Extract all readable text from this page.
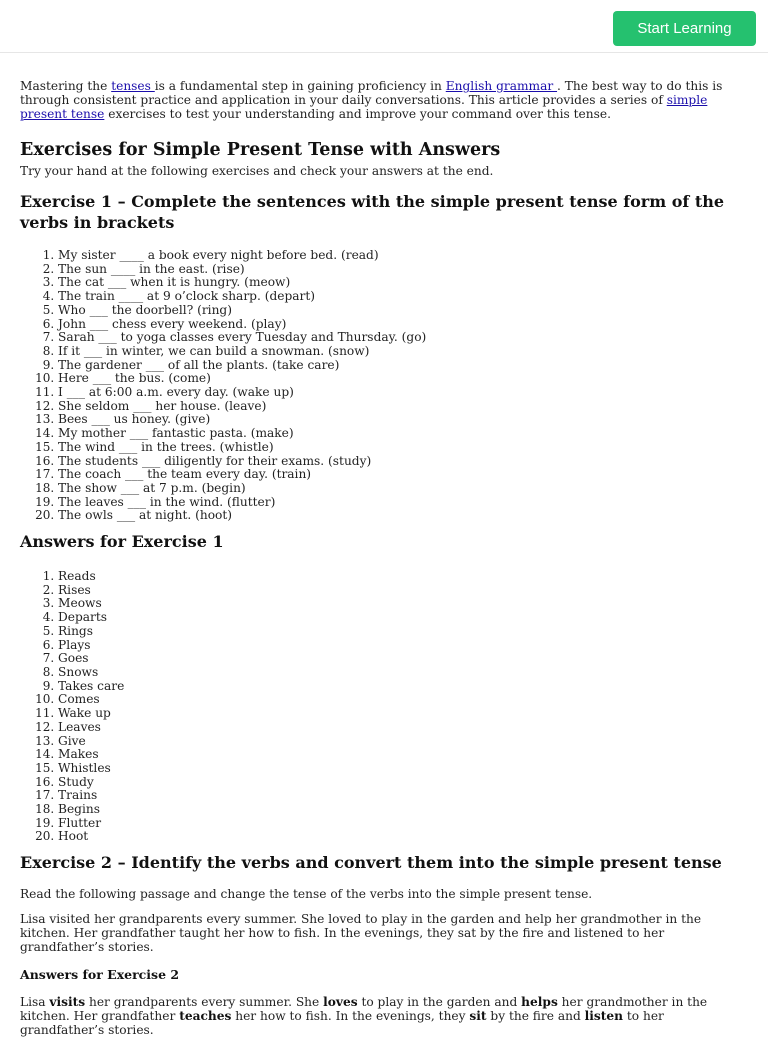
Start Learning

Mastering the tenses is a fundamental step in gaining proficiency in English grammar . The best way to do this is through consistent practice and application in your daily conversations. This article provides a series of simple present tense exercises to test your understanding and improve your command over this tense.

Exercises for Simple Present Tense with Answers

Try your hand at the following exercises and check your answers at the end.

Exercise 1 – Complete the sentences with the simple present tense form of the verbs in brackets
1. My sister ____ a book every night before bed. (read)
2. The sun ____ in the east. (rise)
3. The cat ___ when it is hungry. (meow)
4. The train ____ at 9 o’clock sharp. (depart)
5. Who ___ the doorbell? (ring)
6. John ___ chess every weekend. (play)
7. Sarah ___ to yoga classes every Tuesday and Thursday. (go)
8. If it ___ in winter, we can build a snowman. (snow)
9. The gardener ___ of all the plants. (take care)
10. Here ___ the bus. (come)
11. I ___ at 6:00 a.m. every day. (wake up)
12. She seldom ___ her house. (leave)
13. Bees ___ us honey. (give)
14. My mother ___ fantastic pasta. (make)
15. The wind ___ in the trees. (whistle)
16. The students ___ diligently for their exams. (study)
17. The coach ___ the team every day. (train)
18. The show ___ at 7 p.m. (begin)
19. The leaves ___ in the wind. (flutter)
20. The owls ___ at night. (hoot)
Answers for Exercise 1
1. Reads
2. Rises
3. Meows
4. Departs
5. Rings
6. Plays
7. Goes
8. Snows
9. Takes care
10. Comes
11. Wake up
12. Leaves
13. Give
14. Makes
15. Whistles
16. Study
17. Trains
18. Begins
19. Flutter
20. Hoot
Exercise 2 – Identify the verbs and convert them into the simple present tense

Read the following passage and change the tense of the verbs into the simple present tense.

Lisa visited her grandparents every summer. She loved to play in the garden and help her grandmother in the kitchen. Her grandfather taught her how to fish. In the evenings, they sat by the fire and listened to her grandfather’s stories.

Answers for Exercise 2

Lisa visits her grandparents every summer. She loves to play in the garden and helps her grandmother in the kitchen. Her grandfather teaches her how to fish. In the evenings, they sit by the fire and listen to her grandfather’s stories.
